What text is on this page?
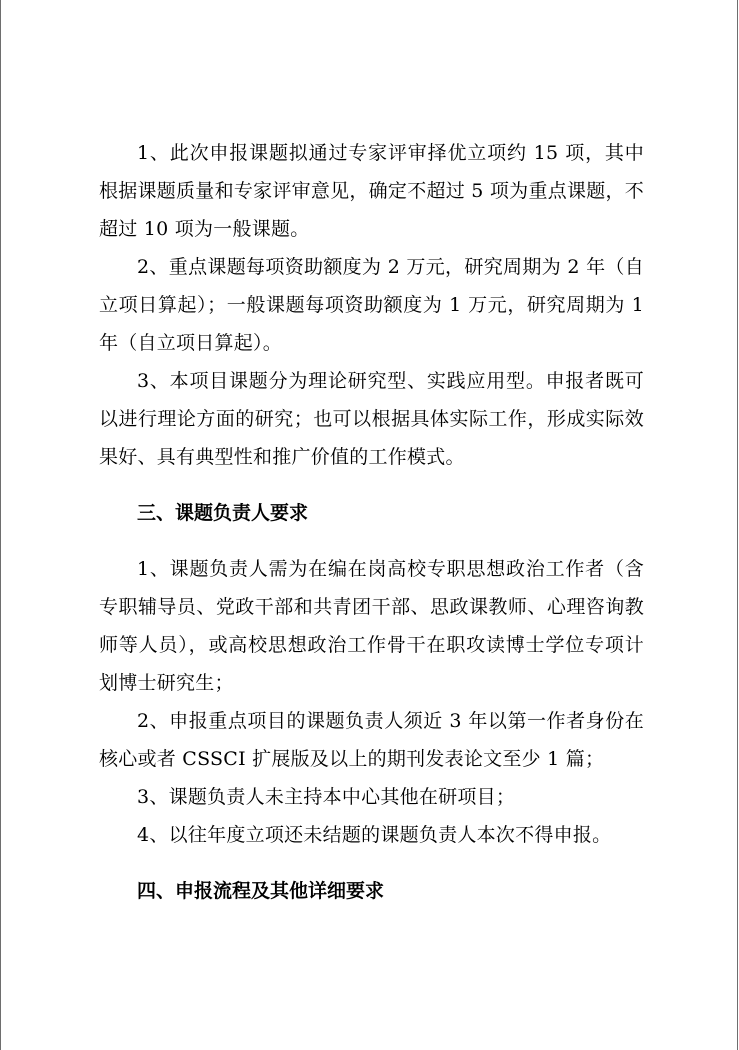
1、此次申报课题拟通过专家评审择优立项约 15 项，其中根据课题质量和专家评审意见，确定不超过 5 项为重点课题，不超过 10 项为一般课题。

2、重点课题每项资助额度为 2 万元，研究周期为 2 年（自立项日算起）；一般课题每项资助额度为 1 万元，研究周期为 1 年（自立项日算起）。

3、本项目课题分为理论研究型、实践应用型。申报者既可以进行理论方面的研究；也可以根据具体实际工作，形成实际效果好、具有典型性和推广价值的工作模式。

三、课题负责人要求

1、课题负责人需为在编在岗高校专职思想政治工作者（含专职辅导员、党政干部和共青团干部、思政课教师、心理咨询教师等人员），或高校思想政治工作骨干在职攻读博士学位专项计划博士研究生；

2、申报重点项目的课题负责人须近 3 年以第一作者身份在核心或者 CSSCI 扩展版及以上的期刊发表论文至少 1 篇；

3、课题负责人未主持本中心其他在研项目；

4、以往年度立项还未结题的课题负责人本次不得申报。

四、申报流程及其他详细要求
